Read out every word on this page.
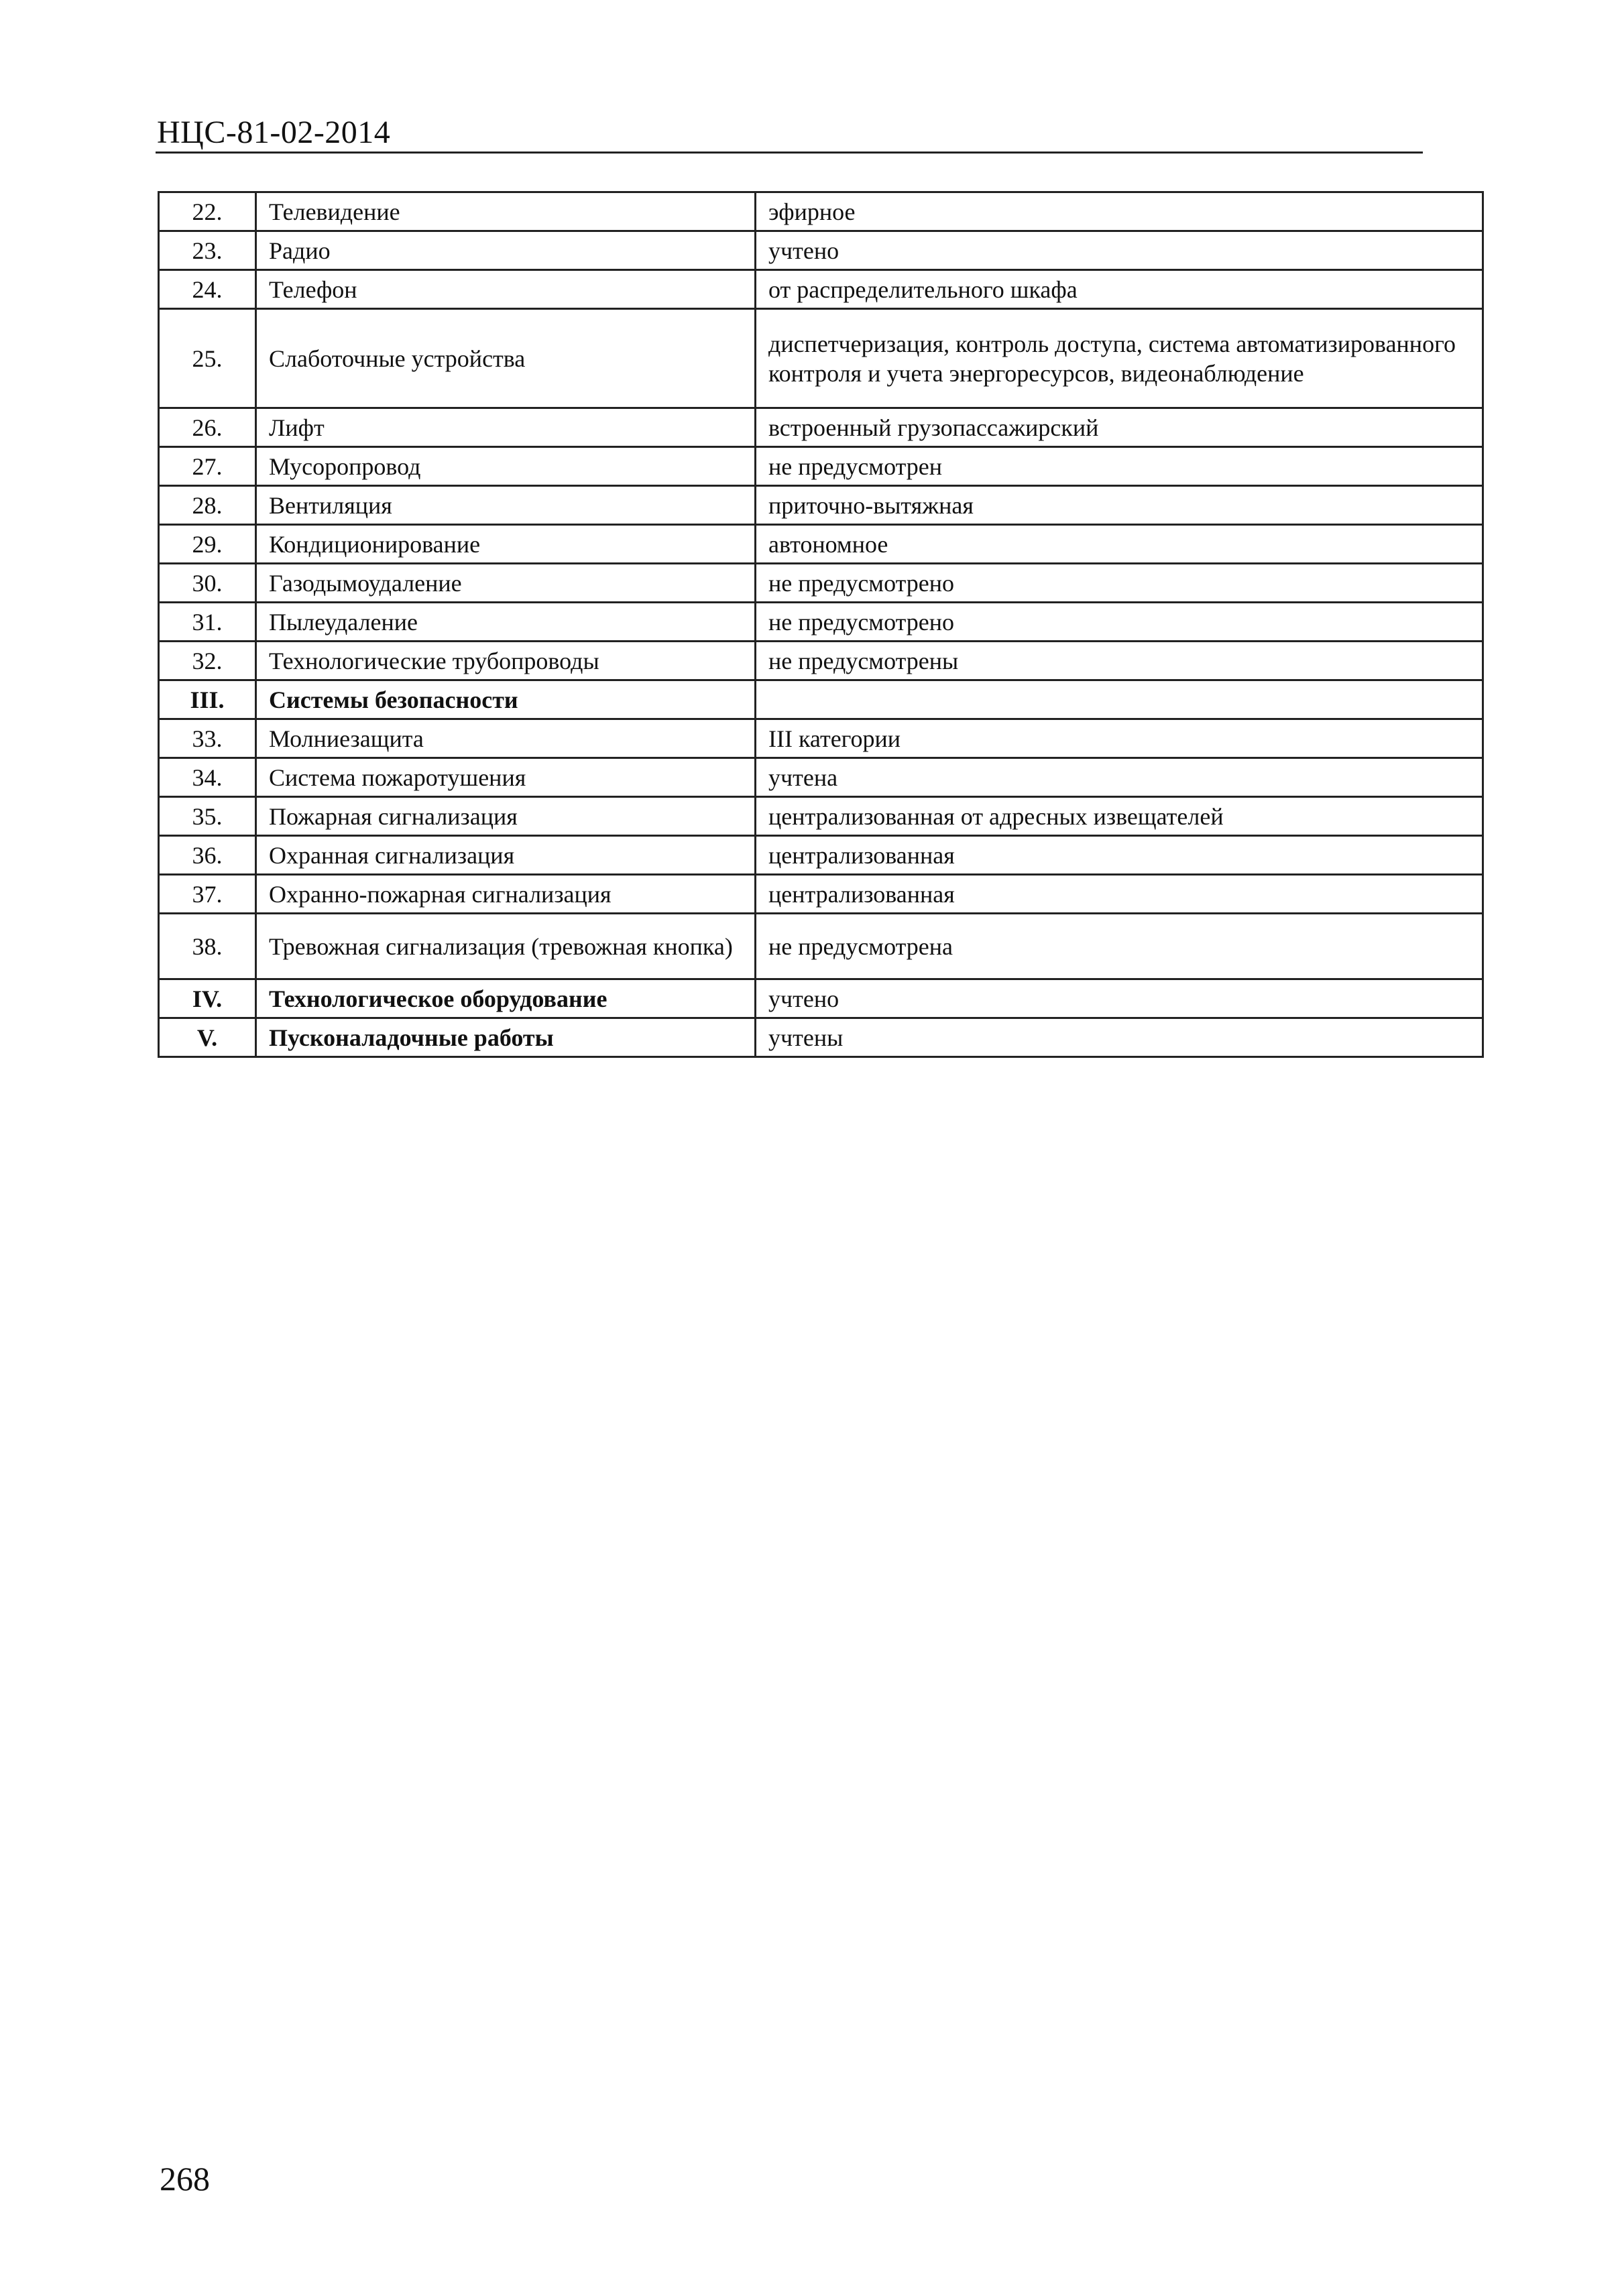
НЦС-81-02-2014
22.	Телевидение	эфирное
23.	Радио	учтено
24.	Телефон	от распределительного шкафа
25.	Слаботочные устройства	диспетчеризация, контроль доступа, система автоматизированного контроля и учета энергоресурсов, видеонаблюдение
26.	Лифт	встроенный грузопассажирский
27.	Мусоропровод	не предусмотрен
28.	Вентиляция	приточно-вытяжная
29.	Кондиционирование	автономное
30.	Газодымоудаление	не предусмотрено
31.	Пылеудаление	не предусмотрено
32.	Технологические трубопроводы	не предусмотрены
III.	Системы безопасности	
33.	Молниезащита	III категории
34.	Система пожаротушения	учтена
35.	Пожарная сигнализация	централизованная от адресных извещателей
36.	Охранная сигнализация	централизованная
37.	Охранно-пожарная сигнализация	централизованная
38.	Тревожная сигнализация (тревожная кнопка)	не предусмотрена
IV.	Технологическое оборудование	учтено
V.	Пусконаладочные работы	учтены
268
